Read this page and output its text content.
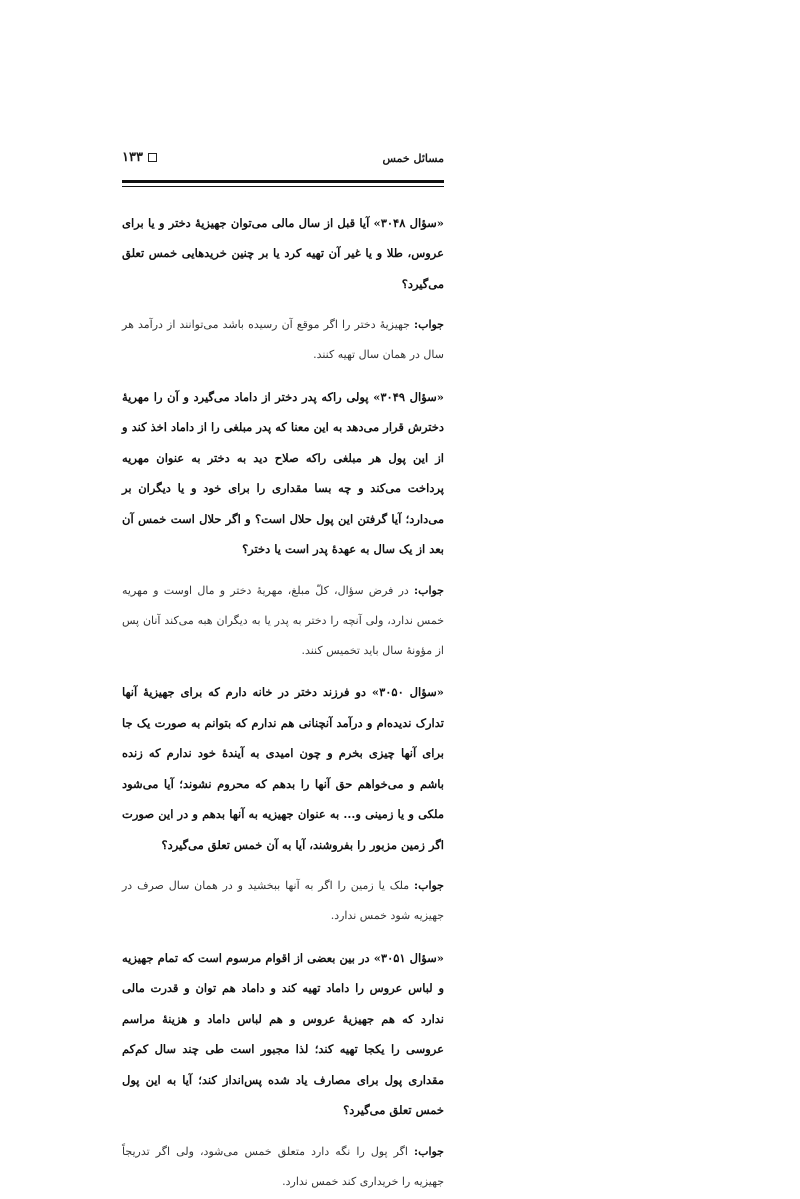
مسائل خمس
۱۳۳

«سؤال ۳۰۴۸» آیا قبل از سال مالی می‌توان جهیزیهٔ دختر و یا برای عروس، طلا و یا غیر آن تهیه کرد یا بر چنین خریدهایی خمس تعلق می‌گیرد؟

جواب: جهیزیهٔ دختر را اگر موقع آن رسیده باشد می‌توانند از درآمد هر سال در همان سال تهیه کنند.

«سؤال ۳۰۴۹» پولی راکه پدر دختر از داماد می‌گیرد و آن را مهریهٔ دخترش قرار می‌دهد به این معنا که پدر مبلغی را از داماد اخذ کند و از این پول هر مبلغی راکه صلاح دید به دختر به عنوان مهریه پرداخت می‌کند و چه بسا مقداری را برای خود و یا دیگران بر می‌دارد؛ آیا گرفتن این پول حلال است؟ و اگر حلال است خمس آن بعد از یک سال به عهدهٔ پدر است یا دختر؟

جواب: در فرض سؤال، کلّ مبلغ، مهریهٔ دختر و مال اوست و مهریه خمس ندارد، ولی آنچه را دختر به پدر یا به دیگران هبه می‌کند آنان پس از مؤونهٔ سال باید تخمیس کنند.

«سؤال ۳۰۵۰» دو فرزند دختر در خانه دارم که برای جهیزیهٔ آنها تدارک ندیده‌ام و درآمد آنچنانی هم ندارم که بتوانم به صورت یک جا برای آنها چیزی بخرم و چون امیدی به آیندهٔ خود ندارم که زنده باشم و می‌خواهم حق آنها را بدهم که محروم نشوند؛ آیا می‌شود ملکی و یا زمینی و... به عنوان جهیزیه به آنها بدهم و در این صورت اگر زمین مزبور را بفروشند، آیا به آن خمس تعلق می‌گیرد؟

جواب: ملک یا زمین را اگر به آنها ببخشید و در همان سال صرف در جهیزیه شود خمس ندارد.

«سؤال ۳۰۵۱» در بین بعضی از اقوام مرسوم است که تمام جهیزیه و لباس عروس را داماد تهیه کند و داماد هم توان و قدرت مالی ندارد که هم جهیزیهٔ عروس و هم لباس داماد و هزینهٔ مراسم عروسی را یکجا تهیه کند؛ لذا مجبور است طی چند سال کم‌کم مقداری پول برای مصارف یاد شده پس‌انداز کند؛ آیا به این پول خمس تعلق می‌گیرد؟

جواب: اگر پول را نگه دارد متعلق خمس می‌شود، ولی اگر تدریجاً جهیزیه را خریداری کند خمس ندارد.
